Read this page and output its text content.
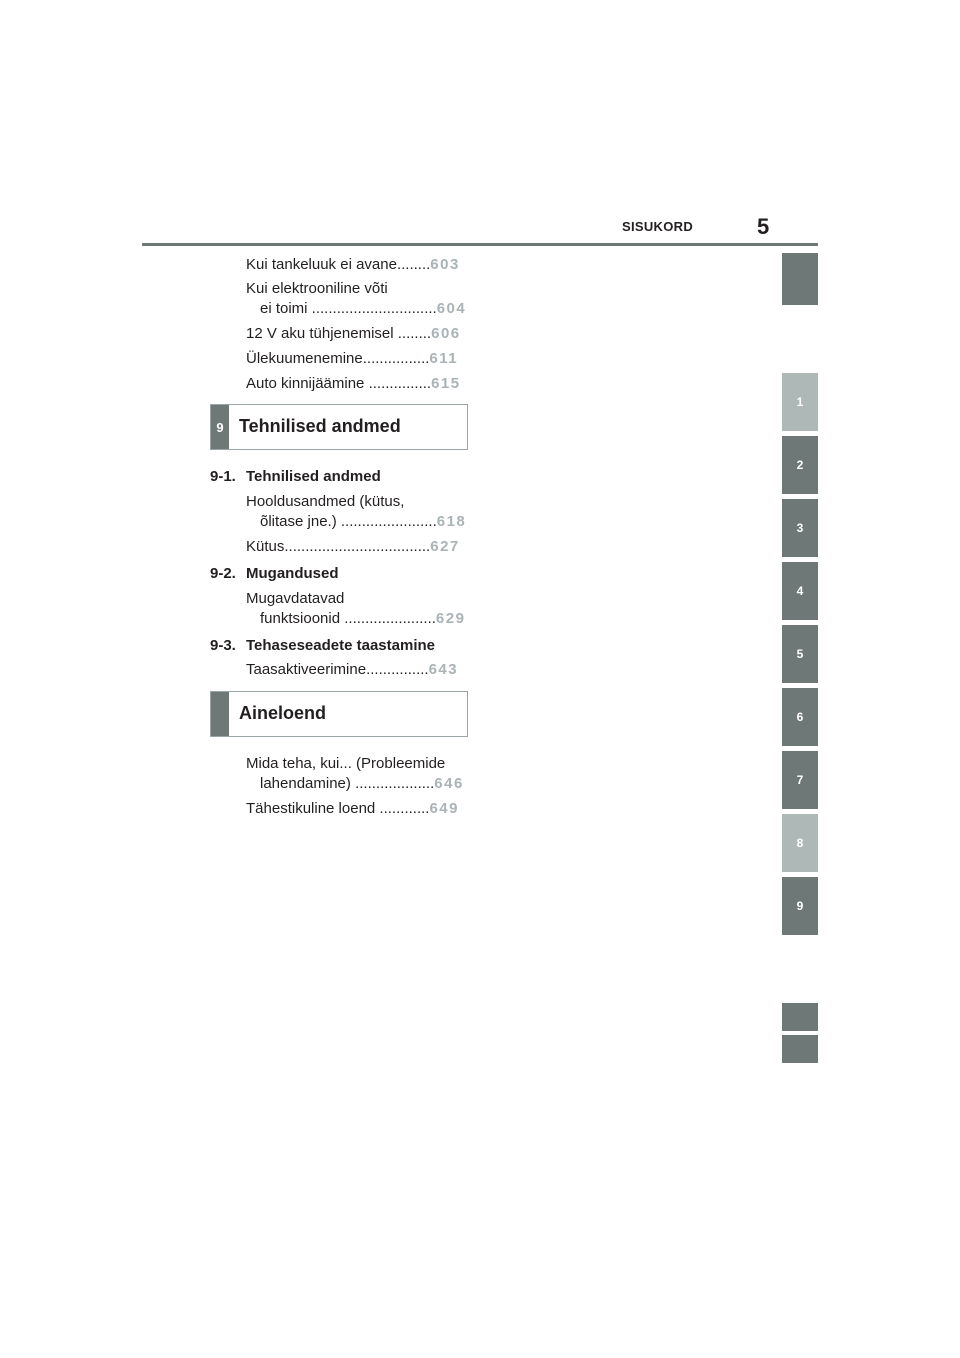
SISUKORD	5
Kui tankeluuk ei avane........603
Kui elektrooniline võti
ei toimi ..............................604
12 V aku tühjenemisel ........606
Ülekuumenemine................611
Auto kinnijäämine ...............615
9 Tehnilised andmed
9-1. Tehnilised andmed
Hooldusandmed (kütus,
õlitase jne.) .......................618
Kütus...................................627
9-2. Mugandused
Mugavdatavad
funktsioonid ......................629
9-3. Tehaseseadete taastamine
Taasaktiveerimine...............643
Aineloend
Mida teha, kui... (Probleemide
lahendamine) ...................646
Tähestikuline loend ............649
1
2
3
4
5
6
7
8
9
